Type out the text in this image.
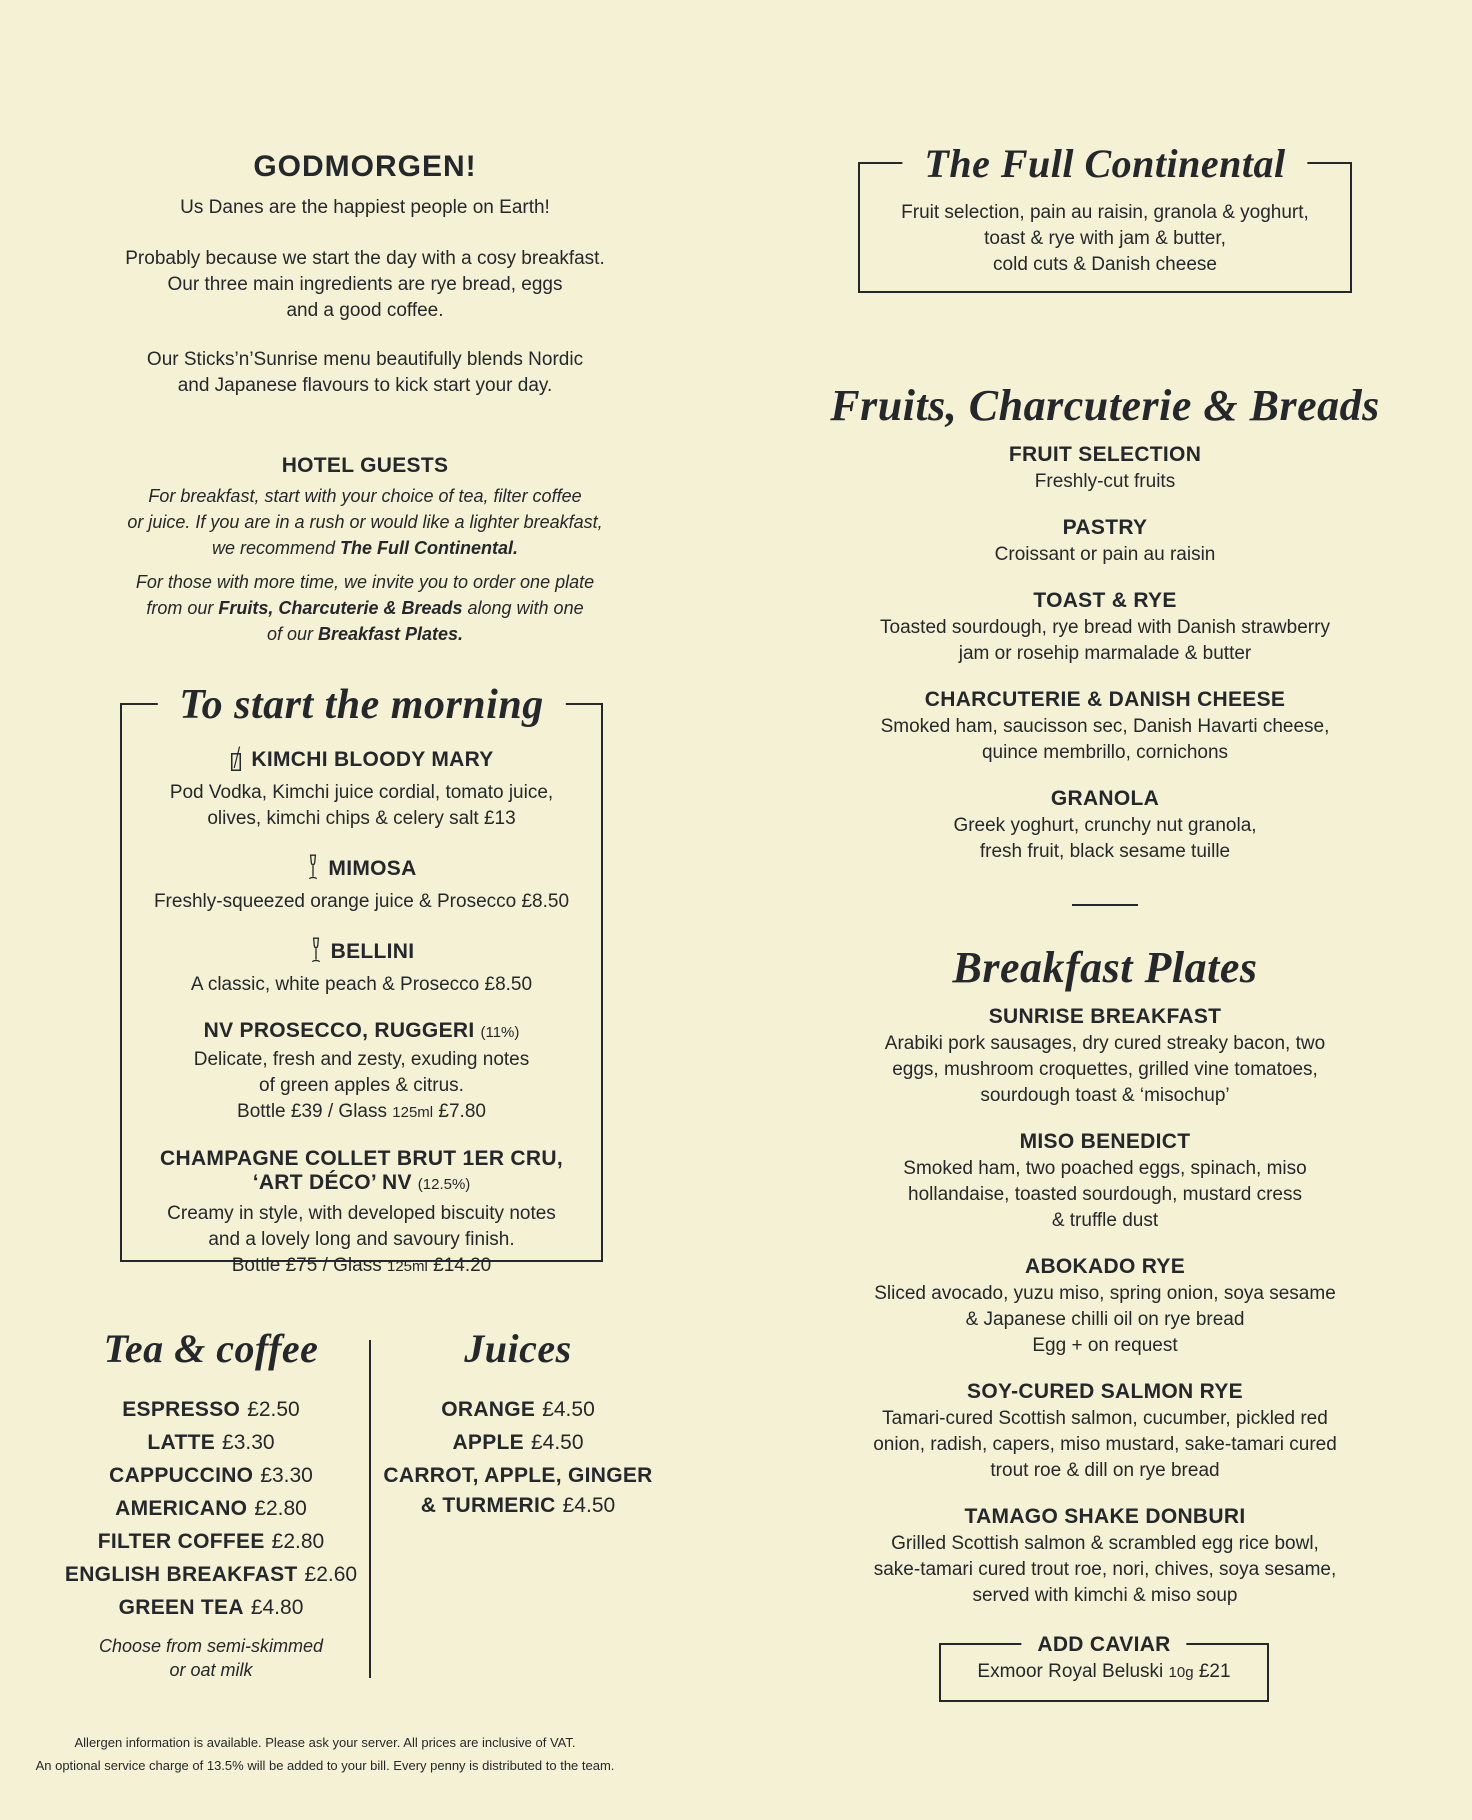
GODMORGEN!
Us Danes are the happiest people on Earth!
Probably because we start the day with a cosy breakfast.
Our three main ingredients are rye bread, eggs
and a good coffee.
Our Sticks’n’Sunrise menu beautifully blends Nordic
and Japanese flavours to kick start your day.
HOTEL GUESTS
For breakfast, start with your choice of tea, filter coffee
or juice. If you are in a rush or would like a lighter breakfast,
we recommend The Full Continental.
For those with more time, we invite you to order one plate
from our Fruits, Charcuterie & Breads along with one
of our Breakfast Plates.
To start the morning
KIMCHI BLOODY MARY
Pod Vodka, Kimchi juice cordial, tomato juice,
olives, kimchi chips & celery salt £13
MIMOSA
Freshly-squeezed orange juice & Prosecco £8.50
BELLINI
A classic, white peach & Prosecco £8.50
NV PROSECCO, RUGGERI (11%)
Delicate, fresh and zesty, exuding notes
of green apples & citrus.
Bottle £39 / Glass 125ml £7.80
CHAMPAGNE COLLET BRUT 1ER CRU,
‘ART DÉCO’ NV (12.5%)
Creamy in style, with developed biscuity notes
and a lovely long and savoury finish.
Bottle £75 / Glass 125ml £14.20
Tea & coffee
ESPRESSO £2.50
LATTE £3.30
CAPPUCCINO £3.30
AMERICANO £2.80
FILTER COFFEE £2.80
ENGLISH BREAKFAST £2.60
GREEN TEA £4.80
Choose from semi-skimmed
or oat milk
Juices
ORANGE £4.50
APPLE £4.50
CARROT, APPLE, GINGER
& TURMERIC £4.50
Allergen information is available. Please ask your server. All prices are inclusive of VAT.
An optional service charge of 13.5% will be added to your bill. Every penny is distributed to the team.
The Full Continental
Fruit selection, pain au raisin, granola & yoghurt,
toast & rye with jam & butter,
cold cuts & Danish cheese
Fruits, Charcuterie & Breads
FRUIT SELECTION
Freshly-cut fruits
PASTRY
Croissant or pain au raisin
TOAST & RYE
Toasted sourdough, rye bread with Danish strawberry
jam or rosehip marmalade & butter
CHARCUTERIE & DANISH CHEESE
Smoked ham, saucisson sec, Danish Havarti cheese,
quince membrillo, cornichons
GRANOLA
Greek yoghurt, crunchy nut granola,
fresh fruit, black sesame tuille
Breakfast Plates
SUNRISE BREAKFAST
Arabiki pork sausages, dry cured streaky bacon, two
eggs, mushroom croquettes, grilled vine tomatoes,
sourdough toast & ‘misochup’
MISO BENEDICT
Smoked ham, two poached eggs, spinach, miso
hollandaise, toasted sourdough, mustard cress
& truffle dust
ABOKADO RYE
Sliced avocado, yuzu miso, spring onion, soya sesame
& Japanese chilli oil on rye bread
Egg + on request
SOY-CURED SALMON RYE
Tamari-cured Scottish salmon, cucumber, pickled red
onion, radish, capers, miso mustard, sake-tamari cured
trout roe & dill on rye bread
TAMAGO SHAKE DONBURI
Grilled Scottish salmon & scrambled egg rice bowl,
sake-tamari cured trout roe, nori, chives, soya sesame,
served with kimchi & miso soup
ADD CAVIAR
Exmoor Royal Beluski 10g £21
